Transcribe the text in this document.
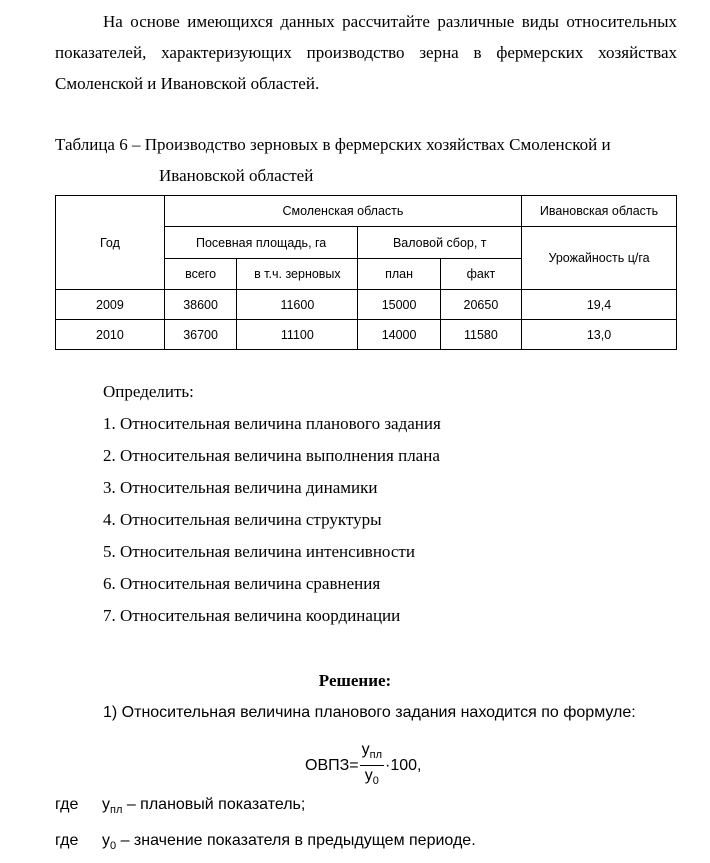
На основе имеющихся данных рассчитайте различные виды относительных показателей, характеризующих производство зерна в фермерских хозяйствах Смоленской и Ивановской областей.

Таблица 6 – Производство зерновых в фермерских хозяйствах Смоленской и
Ивановской областей
Год	Смоленская область				Ивановская область
	Посевная площадь, га		Валовой сбор, т		Урожайность ц/га
	всего	в т.ч. зерновых	план	факт	
2009	38600	11600	15000	20650	19,4
2010	36700	11100	14000	11580	13,0
Определить:
1. Относительная величина планового задания
2. Относительная величина выполнения плана
3. Относительная величина динамики
4. Относительная величина структуры
5. Относительная величина интенсивности
6. Относительная величина сравнения
7. Относительная величина координации
Решение:
1) Относительная величина планового задания находится по формуле:
ОВПЗ= $\frac{y_{пл}}{y_0} \cdot 100$,
где $y_{пл}$ – плановый показатель;
где $y_0$ – значение показателя в предыдущем периоде.
